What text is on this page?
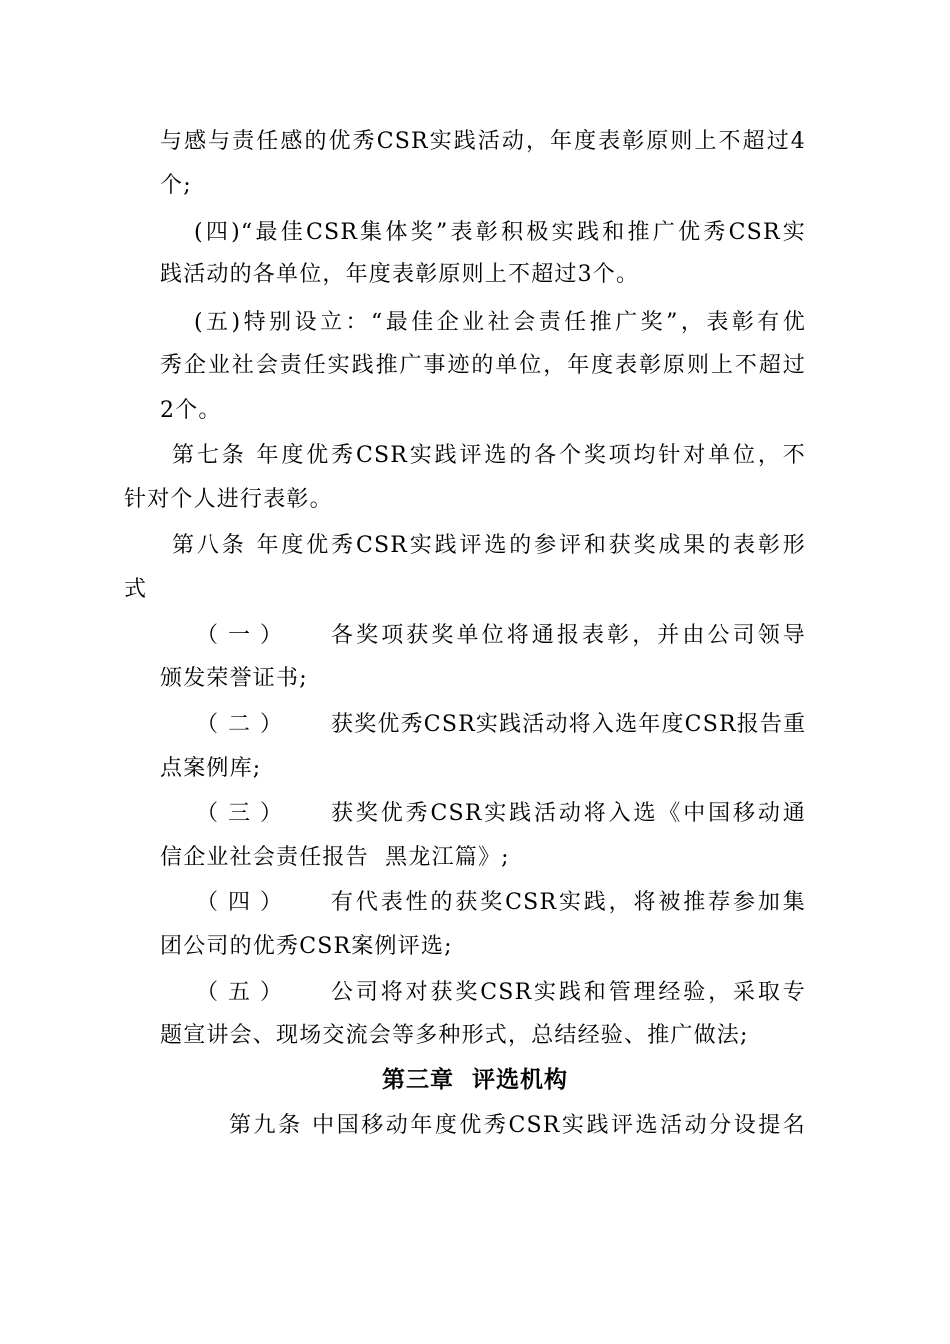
与感与责任感的优秀CSR实践活动，年度表彰原则上不超过4
个;
(四)“最佳CSR集体奖”表彰积极实践和推广优秀CSR实
践活动的各单位，年度表彰原则上不超过3个。
(五)特别设立：“最佳企业社会责任推广奖”，表彰有优
秀企业社会责任实践推广事迹的单位，年度表彰原则上不超过
2个。
第七条 年度优秀CSR实践评选的各个奖项均针对单位，不
针对个人进行表彰。
第八条 年度优秀CSR实践评选的参评和获奖成果的表彰形
式
（一） 各奖项获奖单位将通报表彰，并由公司领导
颁发荣誉证书;
（二） 获奖优秀CSR实践活动将入选年度CSR报告重
点案例库;
（三） 获奖优秀CSR实践活动将入选《中国移动通
信企业社会责任报告  黑龙江篇》;
（四） 有代表性的获奖CSR实践，将被推荐参加集
团公司的优秀CSR案例评选;
（五） 公司将对获奖CSR实践和管理经验，采取专
题宣讲会、现场交流会等多种形式，总结经验、推广做法;
第三章  评选机构
第九条 中国移动年度优秀CSR实践评选活动分设提名
